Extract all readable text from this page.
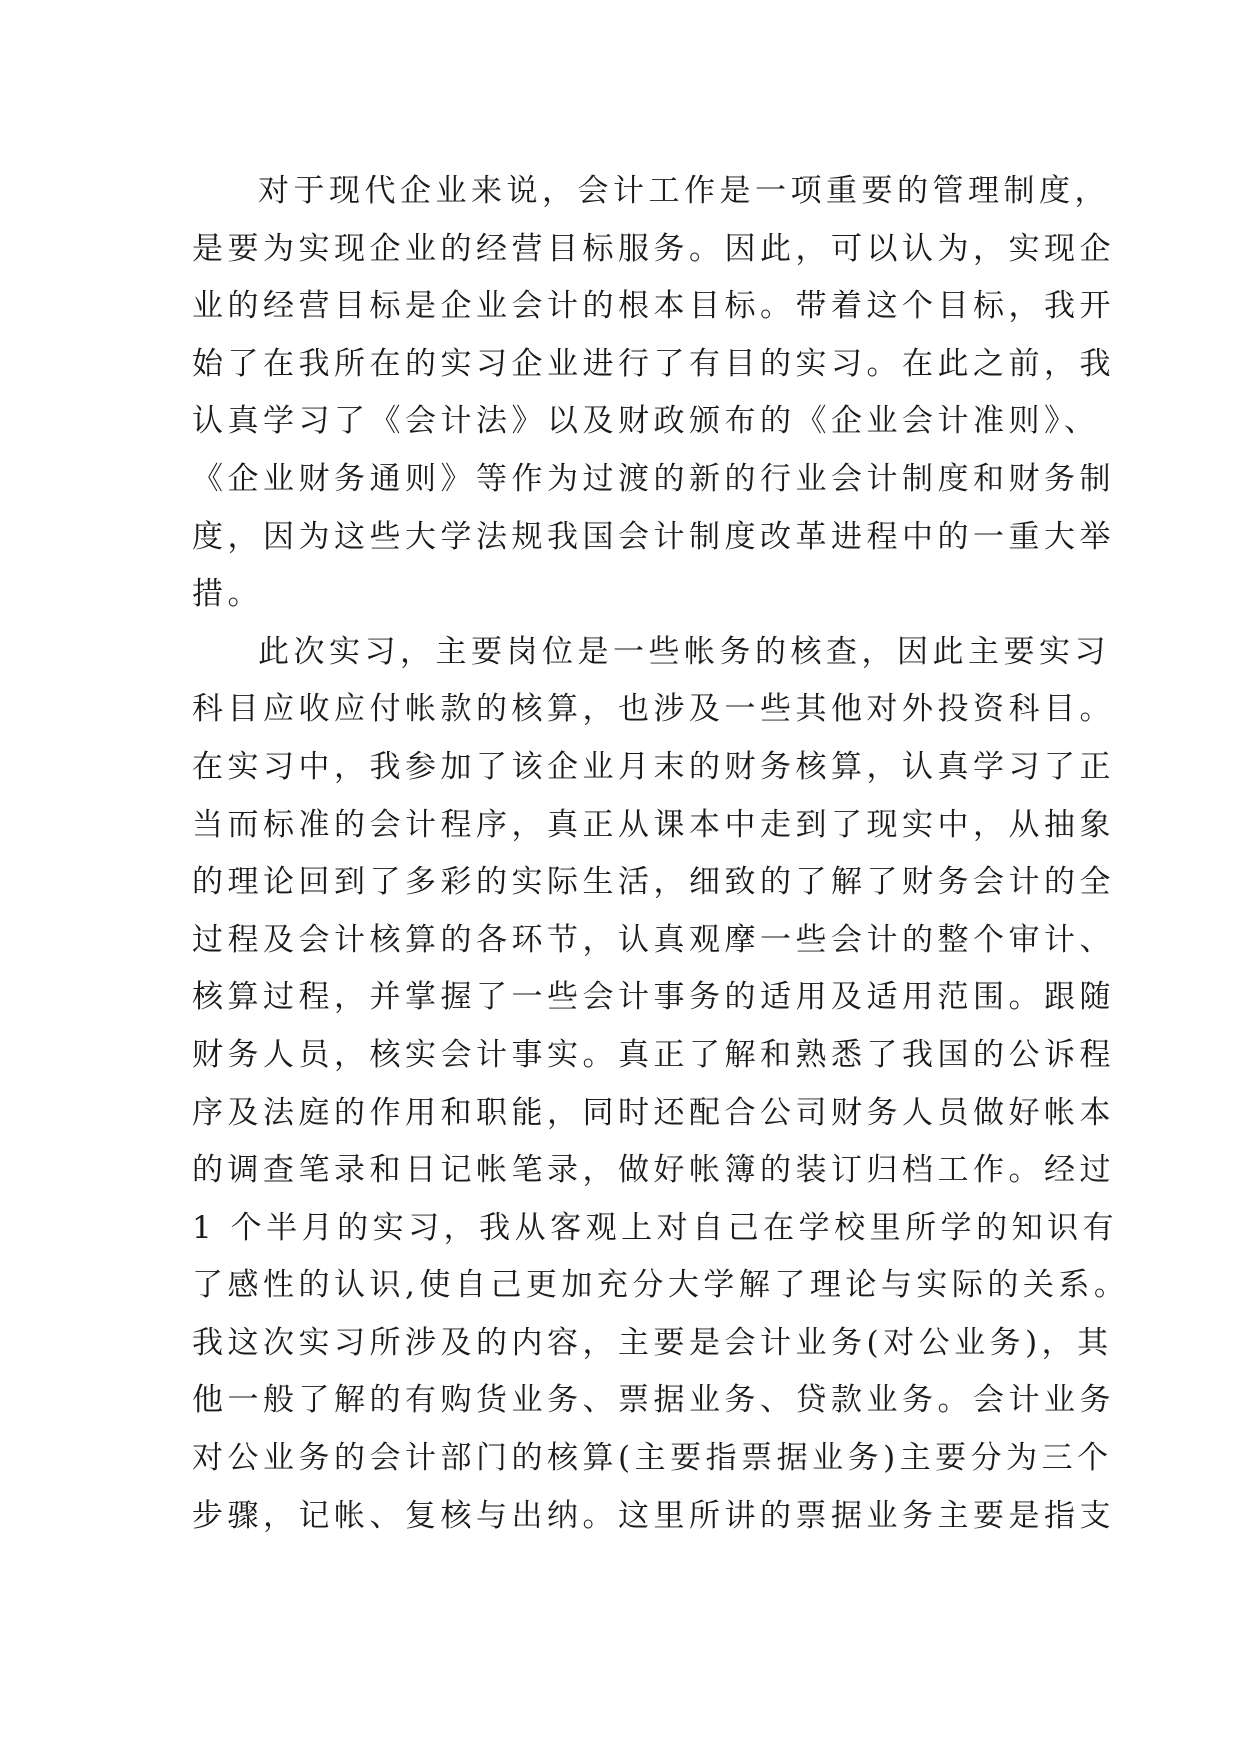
对于现代企业来说，会计工作是一项重要的管理制度，
是要为实现企业的经营目标服务。因此，可以认为，实现企
业的经营目标是企业会计的根本目标。带着这个目标，我开
始了在我所在的实习企业进行了有目的实习。在此之前，我
认真学习了《会计法》以及财政颁布的《企业会计准则》、
《企业财务通则》等作为过渡的新的行业会计制度和财务制
度，因为这些大学法规我国会计制度改革进程中的一重大举
措。
此次实习，主要岗位是一些帐务的核查，因此主要实习
科目应收应付帐款的核算，也涉及一些其他对外投资科目。
在实习中，我参加了该企业月末的财务核算，认真学习了正
当而标准的会计程序，真正从课本中走到了现实中，从抽象
的理论回到了多彩的实际生活，细致的了解了财务会计的全
过程及会计核算的各环节，认真观摩一些会计的整个审计、
核算过程，并掌握了一些会计事务的适用及适用范围。跟随
财务人员，核实会计事实。真正了解和熟悉了我国的公诉程
序及法庭的作用和职能，同时还配合公司财务人员做好帐本
的调查笔录和日记帐笔录，做好帐簿的装订归档工作。经过
1 个半月的实习，我从客观上对自己在学校里所学的知识有
了感性的认识,使自己更加充分大学解了理论与实际的关系。
我这次实习所涉及的内容，主要是会计业务(对公业务)，其
他一般了解的有购货业务、票据业务、贷款业务。会计业务
对公业务的会计部门的核算(主要指票据业务)主要分为三个
步骤，记帐、复核与出纳。这里所讲的票据业务主要是指支
